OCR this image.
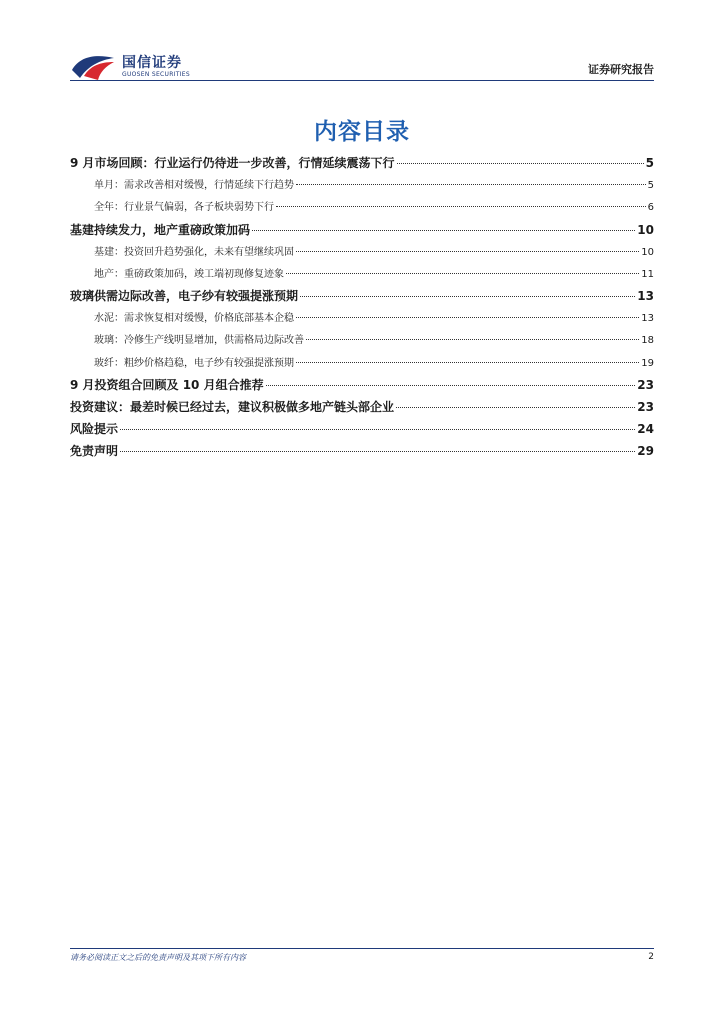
国信证券
GUOSEN SECURITIES	证券研究报告
内容目录
9 月市场回顾：行业运行仍待进一步改善，行情延续震荡下行	5
单月：需求改善相对缓慢，行情延续下行趋势	5
全年：行业景气偏弱，各子板块弱势下行	6
基建持续发力，地产重磅政策加码	10
基建：投资回升趋势强化，未来有望继续巩固	10
地产：重磅政策加码，竣工端初现修复迹象	11
玻璃供需边际改善，电子纱有较强提涨预期	13
水泥：需求恢复相对缓慢，价格底部基本企稳	13
玻璃：冷修生产线明显增加，供需格局边际改善	18
玻纤：粗纱价格趋稳，电子纱有较强提涨预期	19
9 月投资组合回顾及 10 月组合推荐	23
投资建议：最差时候已经过去，建议积极做多地产链头部企业	23
风险提示	24
免责声明	29
请务必阅读正文之后的免责声明及其项下所有内容	2
